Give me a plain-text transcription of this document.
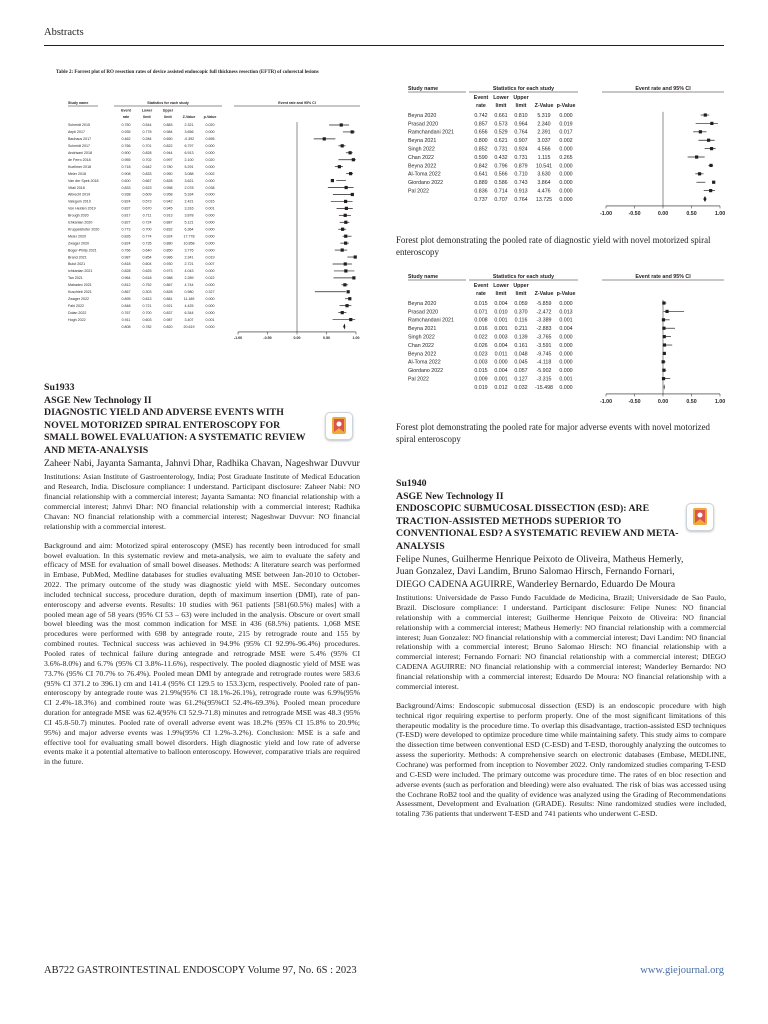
Abstracts
Table 2: Forrest plot of RO resection rates of device assisted endoscopic full thickness resection (EFTR) of colorectal lesions
Study name	Statistics for each study	Event rate and 95% CI
Event
rate
Lower
limit
Upper
limit	Z-Value p-Value
Schmidt 2015	0.750	0.544	0.883	2.321	0.020
Aepli 2017	0.935	0.778	0.984	3.656	0.000
Bauhaus 2017	0.462	0.284	0.650	-0.392	0.695
Schmidt 2017	0.766	0.701	0.822	6.797	0.000
Andrisani 2018	0.900	0.828	0.944	6.913	0.000
de Ferro 2018	0.955	0.702	0.997	2.100	0.020
Kuellmer 2018	0.718	0.642	0.780	5.291	0.000
Meier 2018	0.908	0.833	0.950	3.088	0.002
Van der Spek 2018	0.600	0.667	0.828	3.621	0.000
Vitali 2018	0.833	0.523	0.958	2.078	0.038
Albrecht 2019	0.938	0.609	0.958	5.334	0.000
Valeguin 2019	0.824	0.573	0.942	2.421	0.015
Von Helden 2019	0.837	0.670	0.945	3.316	0.001
Brough 2020	0.817	0.711	0.913	3.878	0.000
Ichkanian 2020	0.827	0.724	0.887	5.121	0.000
Kruppelshofer 2020	0.773	0.700	0.832	6.364	0.000
Meier 2020	0.826	0.774	0.924	17.778	0.000
Zwager 2020	0.824	0.735	0.880	10.858	0.000
Boger-Philip 2021	0.766	0.640	0.850	3.776	0.000
Brand 2021	0.987	0.854	0.986	2.341	0.019
Bulut 2021	0.818	0.604	0.930	2.721	0.007
Ichkanian 2021	0.828	0.625	0.973	4.043	0.000
Tan 2021	0.964	0.618	0.988	2.289	0.022
Mahadev 2021	0.812	0.752	0.867	4.744	0.000
Kuschleb 2021	0.867	0.303	0.828	0.980	0.327
Zwager 2022	0.895	0.813	0.881	11.189	0.000
Fahl 2022	0.848	0.721	0.921	4.425	0.000
Dolan 2022	0.767	0.700	0.837	6.344	0.000
Hogh 2022	0.911	0.603	0.987	3.407	0.001
0.808	0.782	0.820	20.619	0.000
-1.00	-0.50	0.00	0.50	1.00
Study name	Statistics for each study	Event rate and 95% CI
Event
rate
Lower
limit
Upper
limit Z-Value p-Value
Beyna 2020	0.742 0.661 0.810 5.319 0.000
Prasad 2020	0.857 0.573 0.964 2.340 0.019
Ramchandani 2021	0.656 0.529 0.764 2.391 0.017
Beyna 2021	0.800 0.621 0.907 3.037 0.002
Singh 2022	0.852 0.731 0.924 4.566 0.000
Chan 2022	0.590 0.432 0.731 1.115 0.265
Beyna 2022	0.842 0.796 0.879 10.541 0.000
Al-Toma 2022	0.641 0.566 0.710 3.630 0.000
Giordano 2022	0.889 0.586 0.743 3.864 0.000
Pal 2022	0.836 0.714 0.913 4.476 0.000
0.737 0.707 0.764 13.725 0.000
-1.00	-0.50	0.00	0.50	1.00
Forest plot demonstrating the pooled rate of diagnostic yield with novel motorized spiral enteroscopy
Study name	Statistics for each study	Event rate and 95% CI
Event
rate
Lower
limit
Upper
limit Z-Value p-Value
Beyna 2020	0.015 0.004 0.059 -5.859 0.000
Prasad 2020	0.071 0.010 0.370 -2.472 0.013
Ramchandani 2021	0.008 0.001 0.116 -3.389 0.001
Beyna 2021	0.016 0.001 0.211 -2.883 0.004
Singh 2022	0.022 0.003 0.139 -3.765 0.000
Chan 2022	0.026 0.004 0.161 -3.591 0.000
Beyna 2022	0.023 0.011 0.048 -9.745 0.000
Al-Toma 2022	0.003 0.000 0.045 -4.118 0.000
Giordano 2022	0.015 0.004 0.057 -5.902 0.000
Pal 2022	0.009 0.001 0.127 -3.315 0.001
0.019 0.012 0.032 -15.498 0.000
-1.00	-0.50	0.00	0.50	1.00
Forest plot demonstrating the pooled rate for major adverse events with novel motorized spiral enteroscopy
Su1933
ASGE New Technology II
DIAGNOSTIC YIELD AND ADVERSE EVENTS WITH NOVEL MOTORIZED SPIRAL ENTEROSCOPY FOR SMALL BOWEL EVALUATION: A SYSTEMATIC REVIEW AND META-ANALYSIS
Zaheer Nabi, Jayanta Samanta, Jahnvi Dhar, Radhika Chavan, Nageshwar Duvvur
Institutions: Asian Institute of Gastroenterology, India; Post Graduate Institute of Medical Education and Research, India. Disclosure compliance: I understand. Participant disclosure: Zaheer Nabi: NO financial relationship with a commercial interest; Jayanta Samanta: NO financial relationship with a commercial interest; Jahnvi Dhar: NO financial relationship with a commercial interest; Radhika Chavan: NO financial relationship with a commercial interest; Nageshwar Duvvur: NO financial relationship with a commercial interest.
Background and aim: Motorized spiral enteroscopy (MSE) has recently been introduced for small bowel evaluation. In this systematic review and meta-analysis, we aim to evaluate the safety and efficacy of MSE for evaluation of small bowel diseases. Methods: A literature search was performed in Embase, PubMed, Medline databases for studies evaluating MSE between Jan-2010 to October-2022. The primary outcome of the study was diagnostic yield with MSE. Secondary outcomes included technical success, procedure duration, depth of maximum insertion (DMI), rate of pan-enteroscopy and adverse events. Results: 10 studies with 961 patients [581(60.5%) males] with a pooled mean age of 58 years (95% CI 53 – 63) were included in the analysis. Obscure or overt small bowel bleeding was the most common indication for MSE in 436 (68.5%) patients. 1,068 MSE procedures were performed with 698 by antegrade route, 215 by retrograde route and 155 by combined routes. Technical success was achieved in 94.9% (95% CI 92.9%-96.4%) procedures. Pooled rates of technical failure during antegrade and retrograde MSE were 5.4% (95% CI 3.6%-8.0%) and 6.7% (95% CI 3.8%-11.6%), respectively. The pooled diagnostic yield of MSE was 73.7% (95% CI 70.7% to 76.4%). Pooled mean DMI by antegrade and retrograde routes were 583.6 (95% CI 371.2 to 396.1) cm and 141.4 (95% CI 129.5 to 153.3)cm, respectively. Pooled rate of pan-enteroscopy by antegrade route was 21.9%(95% CI 18.1%-26.1%), retrograde route was 6.9%(95% CI 2.4%-18.3%) and combined route was 61.2%(95%CI 52.4%-69.3%). Pooled mean procedure duration for antegrade MSE was 62.4(95% CI 52.9-71.8) minutes and retrograde MSE was 48.3 (95% CI 45.8-50.7) minutes. Pooled rate of overall adverse event was 18.2% (95% CI 15.8% to 20.9%; 95%) and major adverse events was 1.9%(95% CI 1.2%-3.2%). Conclusion: MSE is a safe and effective tool for evaluating small bowel disorders. High diagnostic yield and low rate of adverse events make it a potential alternative to balloon enteroscopy. However, comparative trials are required in the future.
Su1940
ASGE New Technology II
ENDOSCOPIC SUBMUCOSAL DISSECTION (ESD): ARE TRACTION-ASSISTED METHODS SUPERIOR TO CONVENTIONAL ESD? A SYSTEMATIC REVIEW AND META-ANALYSIS
Felipe Nunes, Guilherme Henrique Peixoto de Oliveira, Matheus Hemerly, Juan Gonzalez, Davi Landim, Bruno Salomao Hirsch, Fernando Fornari, DIEGO CADENA AGUIRRE, Wanderley Bernardo, Eduardo De Moura
Institutions: Universidade de Passo Fundo Faculdade de Medicina, Brazil; Universidade de Sao Paulo, Brazil. Disclosure compliance: I understand. Participant disclosure: Felipe Nunes: NO financial relationship with a commercial interest; Guilherme Henrique Peixoto de Oliveira: NO financial relationship with a commercial interest; Matheus Hemerly: NO financial relationship with a commercial interest; Juan Gonzalez: NO financial relationship with a commercial interest; Davi Landim: NO financial relationship with a commercial interest; Bruno Salomao Hirsch: NO financial relationship with a commercial interest; Fernando Fornari: NO financial relationship with a commercial interest; DIEGO CADENA AGUIRRE: NO financial relationship with a commercial interest; Wanderley Bernardo: NO financial relationship with a commercial interest; Eduardo De Moura: NO financial relationship with a commercial interest.
Background/Aims: Endoscopic submucosal dissection (ESD) is an endoscopic procedure with high technical rigor requiring expertise to perform properly. One of the most significant limitations of this therapeutic modality is the procedure time. To overlap this disadvantage, traction-assisted ESD techniques (T-ESD) were developed to optimize procedure time while maintaining safety. This study aims to compare the dissection time between conventional ESD (C-ESD) and T-ESD, thoroughly analyzing the outcomes to assess the superiority. Methods: A comprehensive search on electronic databases (Embase, MEDLINE, Cochrane) was performed from inception to November 2022. Only randomized studies comparing T-ESD and C-ESD were included. The primary outcome was procedure time. The rates of en bloc resection and adverse events (such as perforation and bleeding) were also evaluated. The risk of bias was accessed using the Cochrane RoB2 tool and the quality of evidence was analyzed using the Grading of Recommendations Assessment, Development and Evaluation (GRADE). Results: Nine randomized studies were included, totaling 736 patients that underwent T-ESD and 741 patients who underwent C-ESD.
AB722 GASTROINTESTINAL ENDOSCOPY Volume 97, No. 6S : 2023	www.giejournal.org
